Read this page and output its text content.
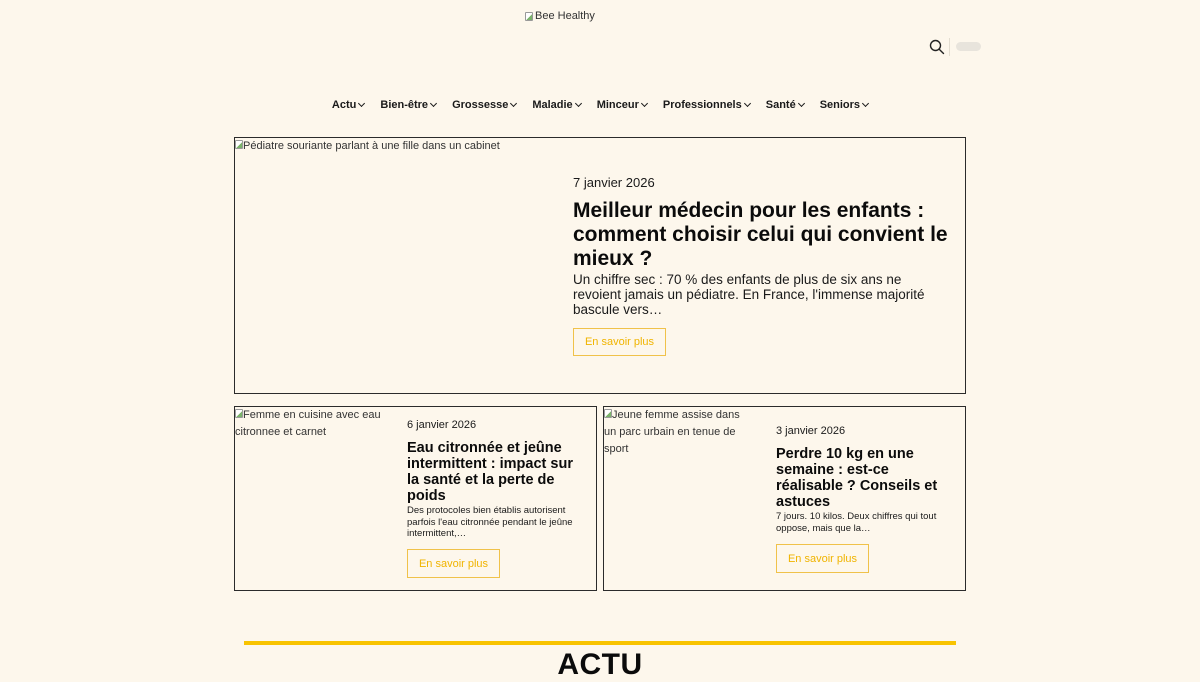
Bee Healthy
Actu Bien-être Grossesse Maladie Minceur Professionnels Santé Seniors
Pédiatre souriante parlant à une fille dans un cabinet
7 janvier 2026
Meilleur médecin pour les enfants : comment choisir celui qui convient le mieux ?

Un chiffre sec : 70 % des enfants de plus de six ans ne revoient jamais un pédiatre. En France, l'immense majorité bascule vers…

En savoir plus
Femme en cuisine avec eau citronnee et carnet
6 janvier 2026
Eau citronnée et jeûne intermittent : impact sur la santé et la perte de poids

Des protocoles bien établis autorisent parfois l'eau citronnée pendant le jeûne intermittent,…

En savoir plus
Jeune femme assise dans un parc urbain en tenue de sport
3 janvier 2026
Perdre 10 kg en une semaine : est-ce réalisable ? Conseils et astuces

7 jours. 10 kilos. Deux chiffres qui tout oppose, mais que la…

En savoir plus
ACTU
